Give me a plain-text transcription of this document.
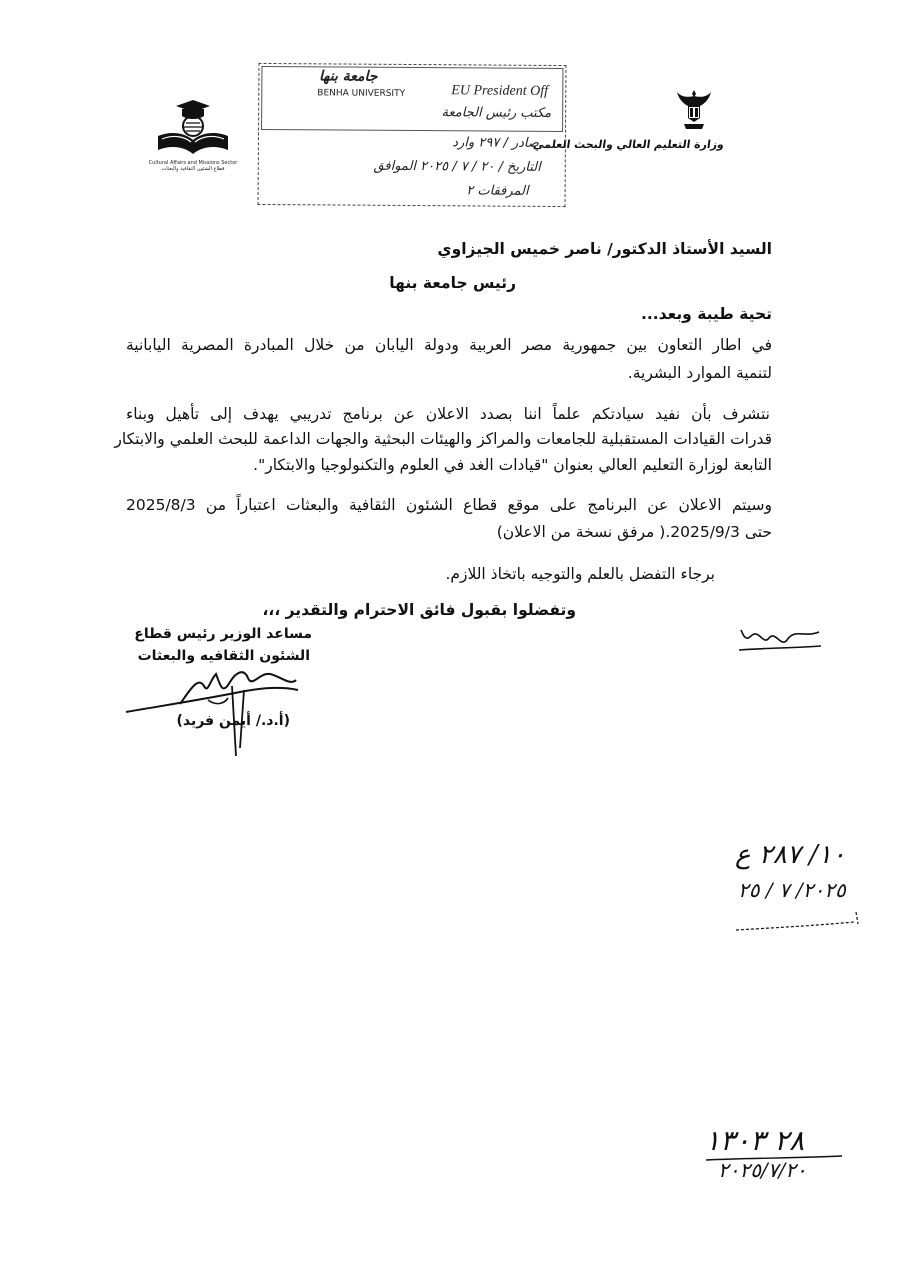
وزارة التعليم العالي والبحث العلمي
Cultural Affairs and Missions Sector
قطاع الشئون الثقافية والبعثات
جامعة بنها
BENHA UNIVERSITY	EU President Off
مكتب رئيس الجامعة
صادر / ٢٩٧ وارد
التاريخ / ٢٠ / ٧ / ٢٠٢٥ الموافق
المرفقات ٢
السيد الأستاذ الدكتور/ ناصر خميس الجيزاوي
رئيس جامعة بنها
تحية طيبة وبعد...
في اطار التعاون بين جمهورية مصر العربية ودولة اليابان من خلال المبادرة المصرية اليابانية
لتنمية الموارد البشرية.
نتشرف بأن نفيد سيادتكم علماً اننا بصدد الاعلان عن برنامج تدريبي يهدف إلى تأهيل وبناء
قدرات القيادات المستقبلية للجامعات والمراكز والهيئات البحثية والجهات الداعمة للبحث العلمي والابتكار
التابعة لوزارة التعليم العالي بعنوان "قيادات الغد في العلوم والتكنولوجيا والابتكار".
وسيتم الاعلان عن البرنامج على موقع قطاع الشئون الثقافية والبعثات اعتباراً من 2025/8/3
حتى 2025/9/3.( مرفق نسخة من الاعلان)
برجاء التفضل بالعلم والتوجيه باتخاذ اللازم.
وتفضلوا بقبول فائق الاحترام والتقدير ،،،
مساعد الوزير رئيس قطاع
الشئون الثقافيه والبعثات
(أ.د./ أيمن فريد)
١٠/ ٢٨٧ ع
٢٠٢٥/ ٧ / ٢٥
٢٨ ١٣٠٣
٢٠٢٥/٧/٢٠
